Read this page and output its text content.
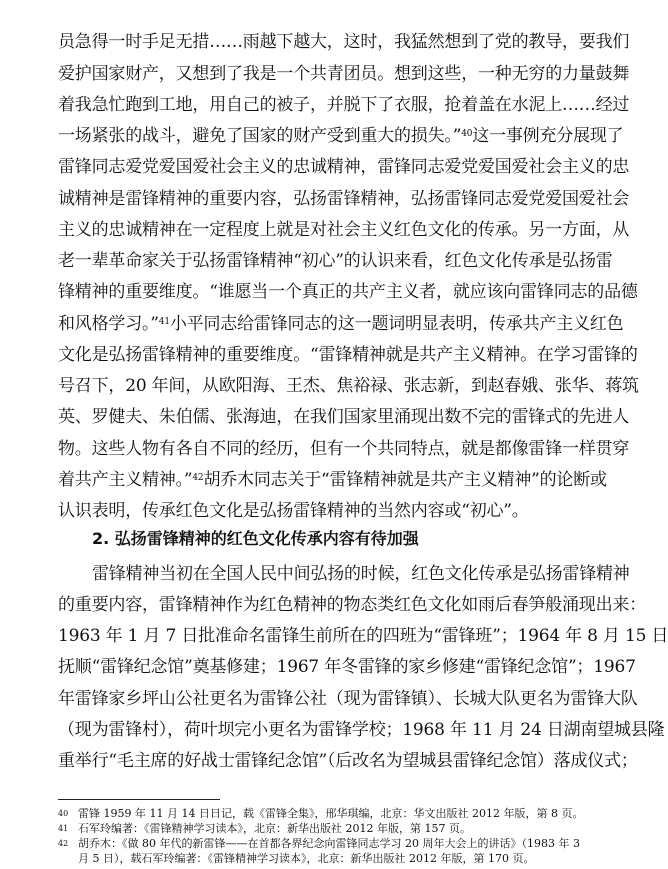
员急得一时手足无措……雨越下越大，这时，我猛然想到了党的教导，要我们
爱护国家财产，又想到了我是一个共青团员。想到这些，一种无穷的力量鼓舞
着我急忙跑到工地，用自己的被子，并脱下了衣服，抢着盖在水泥上……经过
一场紧张的战斗，避免了国家的财产受到重大的损失。”$^{40}$这一事例充分展现了
雷锋同志爱党爱国爱社会主义的忠诚精神，雷锋同志爱党爱国爱社会主义的忠
诚精神是雷锋精神的重要内容，弘扬雷锋精神，弘扬雷锋同志爱党爱国爱社会
主义的忠诚精神在一定程度上就是对社会主义红色文化的传承。另一方面，从
老一辈革命家关于弘扬雷锋精神“初心”的认识来看，红色文化传承是弘扬雷
锋精神的重要维度。“谁愿当一个真正的共产主义者，就应该向雷锋同志的品德
和风格学习。”$^{41}$小平同志给雷锋同志的这一题词明显表明，传承共产主义红色
文化是弘扬雷锋精神的重要维度。“雷锋精神就是共产主义精神。在学习雷锋的
号召下，20 年间，从欧阳海、王杰、焦裕禄、张志新，到赵春娥、张华、蒋筑
英、罗健夫、朱伯儒、张海迪，在我们国家里涌现出数不完的雷锋式的先进人
物。这些人物有各自不同的经历，但有一个共同特点，就是都像雷锋一样贯穿
着共产主义精神。”$^{42}$胡乔木同志关于“雷锋精神就是共产主义精神”的论断或
认识表明，传承红色文化是弘扬雷锋精神的当然内容或“初心”。
2. 弘扬雷锋精神的红色文化传承内容有待加强
雷锋精神当初在全国人民中间弘扬的时候，红色文化传承是弘扬雷锋精神
的重要内容，雷锋精神作为红色精神的物态类红色文化如雨后春笋般涌现出来：
1963 年 1 月 7 日批准命名雷锋生前所在的四班为“雷锋班”；1964 年 8 月 15 日
抚顺“雷锋纪念馆”奠基修建；1967 年冬雷锋的家乡修建“雷锋纪念馆”；1967
年雷锋家乡坪山公社更名为雷锋公社（现为雷锋镇）、长城大队更名为雷锋大队
（现为雷锋村），荷叶坝完小更名为雷锋学校；1968 年 11 月 24 日湖南望城县隆
重举行“毛主席的好战士雷锋纪念馆”（后改名为望城县雷锋纪念馆）落成仪式；
40 雷锋 1959 年 11 月 14 日日记，载《雷锋全集》，邢华琪编，北京：华文出版社 2012 年版，第 8 页。
41 石军玲编著：《雷锋精神学习读本》，北京：新华出版社 2012 年版，第 157 页。
42 胡乔木：《做 80 年代的新雷锋——在首都各界纪念向雷锋同志学习 20 周年大会上的讲话》（1983 年 3
月 5 日），载石军玲编著：《雷锋精神学习读本》，北京：新华出版社 2012 年版，第 170 页。
